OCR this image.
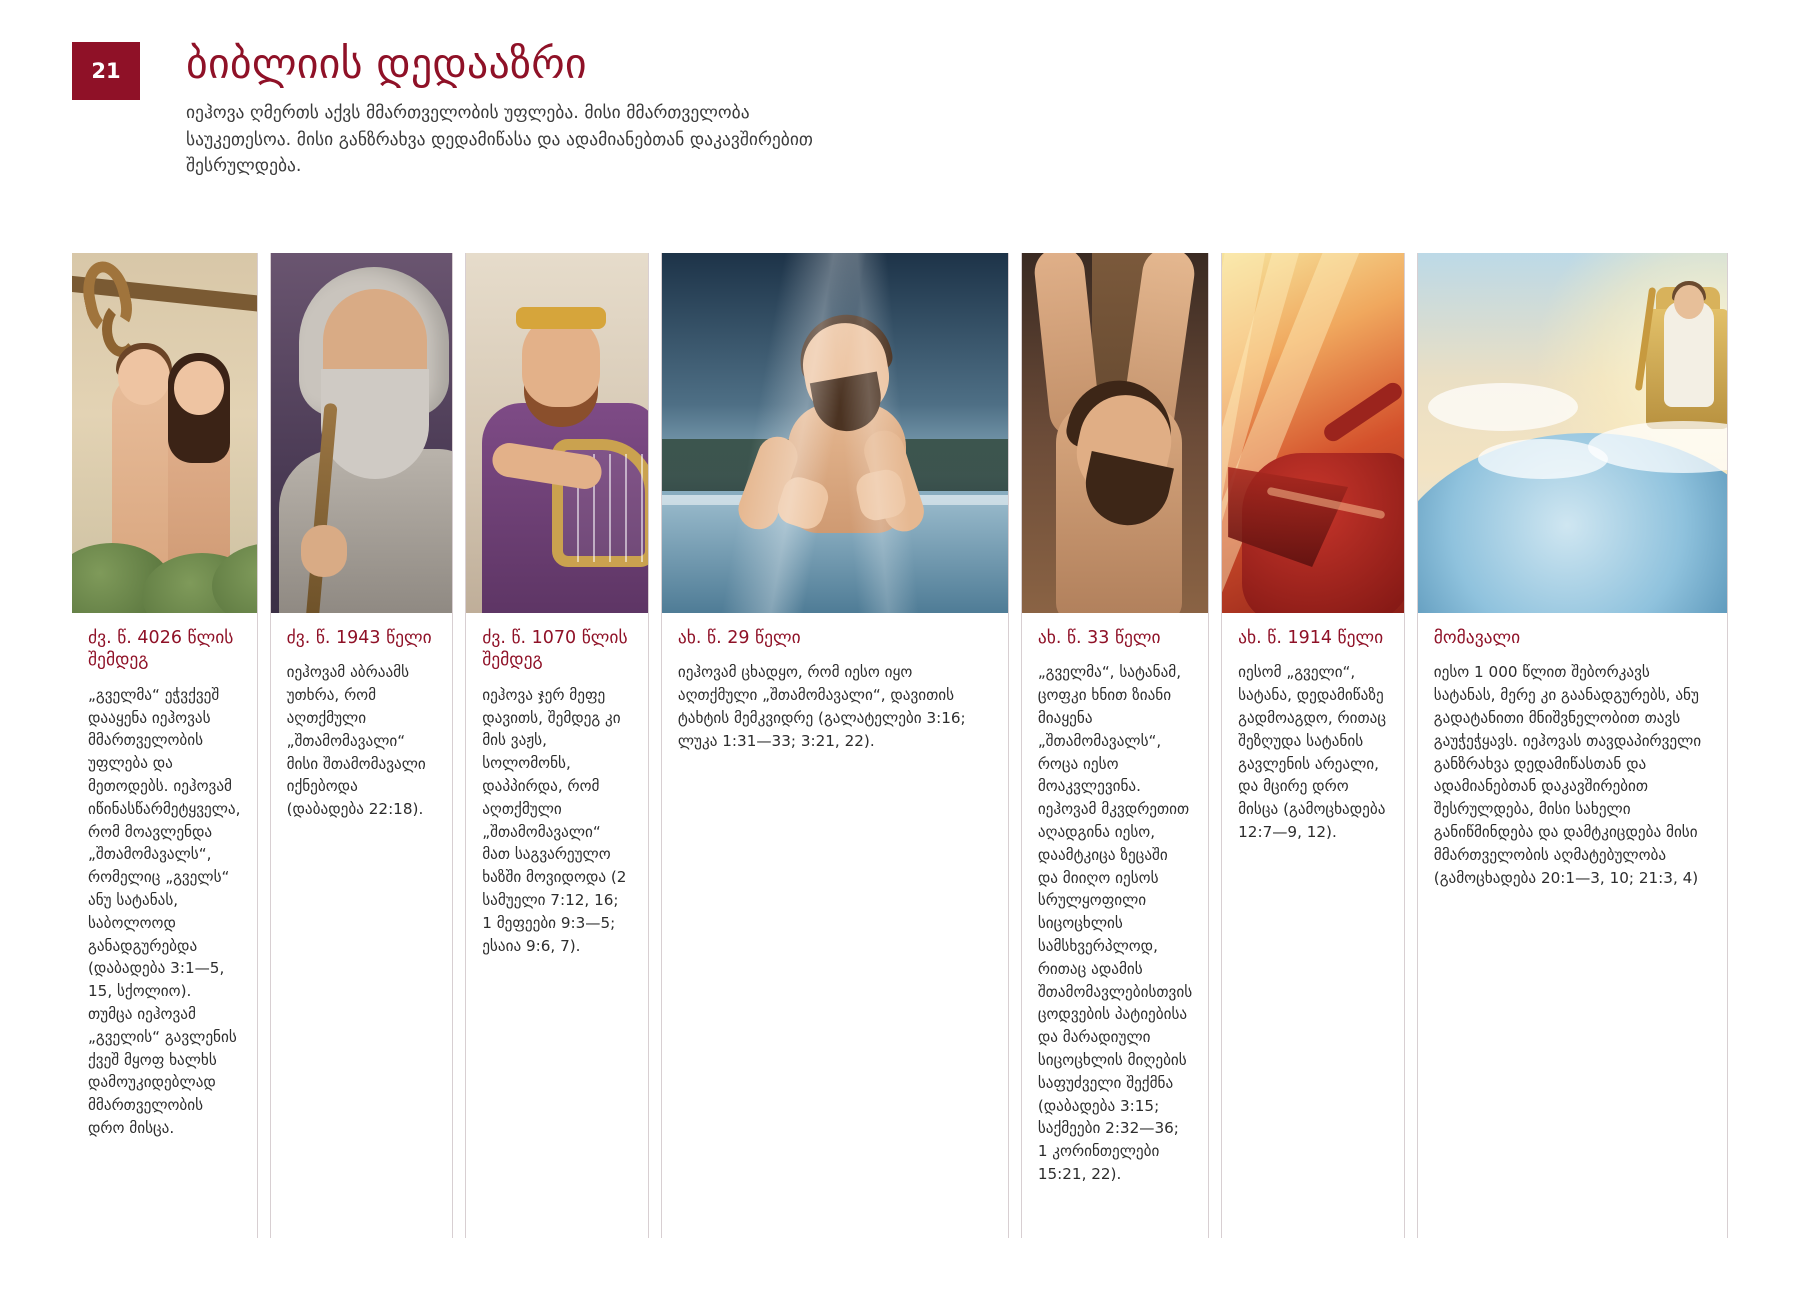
21	ბიბლიის დედააზრი

იეჰოვა ღმერთს აქვს მმართველობის უფლება. მისი მმართველობა საუკეთესოა. მისი განზრახვა დედამიწასა და ადამიანებთან დაკავშირებით შესრულდება.

ძვ. წ. 4026 წლის შემდეგ
„გველმა“ ეჭვქვეშ დააყენა იეჰოვას მმართველობის უფლება და მეთოდებს. იეჰოვამ იწინასწარმეტყველა, რომ მოავლენდა „შთამომავალს“, რომელიც „გველს“ ანუ სატანას, საბოლოოდ განადგურებდა (დაბადება 3:1—5, 15, სქოლიო). თუმცა იეჰოვამ „გველის“ გავლენის ქვეშ მყოფ ხალხს დამოუკიდებლად მმართველობის დრო მისცა.
ძვ. წ. 1943 წელი
იეჰოვამ აბრაამს უთხრა, რომ აღთქმული „შთამომავალი“ მისი შთამომავალი იქნებოდა (დაბადება 22:18).
ძვ. წ. 1070 წლის შემდეგ
იეჰოვა ჯერ მეფე დავითს, შემდეგ კი მის ვაჟს, სოლომონს, დაპპირდა, რომ აღთქმული „შთამომავალი“ მათ საგვარეულო ხაზში მოვიდოდა (2 სამუელი 7:12, 16; 1 მეფეები 9:3—5; ესაია 9:6, 7).
ახ. წ. 29 წელი
იეჰოვამ ცხადყო, რომ იესო იყო აღთქმული „შთამომავალი“, დავითის ტახტის მემკვიდრე (გალატელები 3:16; ლუკა 1:31—33; 3:21, 22).
ახ. წ. 33 წელი
„გველმა“, სატანამ, ცოფკი ხნით ზიანი მიაყენა „შთამომავალს“, როცა იესო მოაკვლევინა. იეჰოვამ მკვდრეთით აღადგინა იესო, დაამტკიცა ზეცაში და მიიღო იესოს სრულყოფილი სიცოცხლის სამსხვერპლოდ, რითაც ადამის შთამომავლებისთვის ცოდვების პატიებისა და მარადიული სიცოცხლის მიღების საფუძველი შექმნა (დაბადება 3:15; საქმეები 2:32—36; 1 კორინთელები 15:21, 22).
ახ. წ. 1914 წელი
იესომ „გველი“, სატანა, დედამიწაზე გადმოაგდო, რითაც შეზღუდა სატანის გავლენის არეალი, და მცირე დრო მისცა (გამოცხადება 12:7—9, 12).
მომავალი
იესო 1 000 წლით შებორკავს სატანას, მერე კი გაანადგურებს, ანუ გადატანითი მნიშვნელობით თავს გაუჭეჭყავს. იეჰოვას თავდაპირველი განზრახვა დედამიწასთან და ადამიანებთან დაკავშირებით შესრულდება, მისი სახელი განიწმინდება და დამტკიცდება მისი მმართველობის აღმატებულობა (გამოცხადება 20:1—3, 10; 21:3, 4)
